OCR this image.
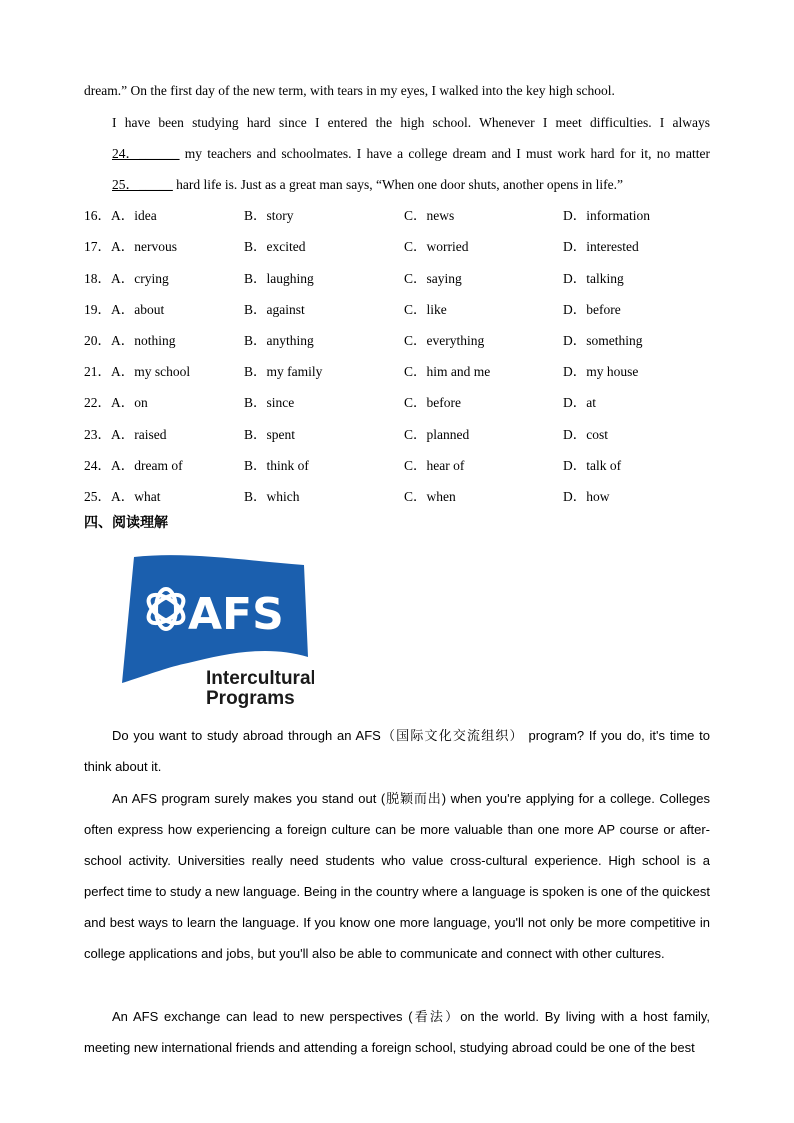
dream.” On the first day of the new term, with tears in my eyes, I walked into the key high school.

I have been studying hard since I entered the high school. Whenever I meet difficulties. I always 24．______ my teachers and schoolmates. I have a college dream and I must work hard for it, no matter 25．_____ hard life is. Just as a great man says, “When one door shuts, another opens in life.”

16．A．idea	B．story	C．news	D．information
17．A．nervous	B．excited	C．worried	D．interested
18．A．crying	B．laughing	C．saying	D．talking
19．A．about	B．against	C．like	D．before
20．A．nothing	B．anything	C．everything	D．something
21．A．my school	B．my family	C．him and me	D．my house
22．A．on	B．since	C．before	D．at
23．A．raised	B．spent	C．planned	D．cost
24．A．dream of	B．think of	C．hear of	D．talk of
25．A．what	B．which	C．when	D．how
四、阅读理解
AFS
Intercultural
Programs

Do you want to study abroad through an AFS（国际文化交流组织） program? If you do, it's time to think about it.

An AFS program surely makes you stand out (脱颖而出) when you're applying for a college. Colleges often express how experiencing a foreign culture can be more valuable than one more AP course or after-school activity. Universities really need students who value cross-cultural experience. High school is a perfect time to study a new language. Being in the country where a language is spoken is one of the quickest and best ways to learn the language. If you know one more language, you'll not only be more competitive in college applications and jobs, but you'll also be able to communicate and connect with other cultures.

An AFS exchange can lead to new perspectives (看法）on the world. By living with a host family, meeting new international friends and attending a foreign school, studying abroad could be one of the best
